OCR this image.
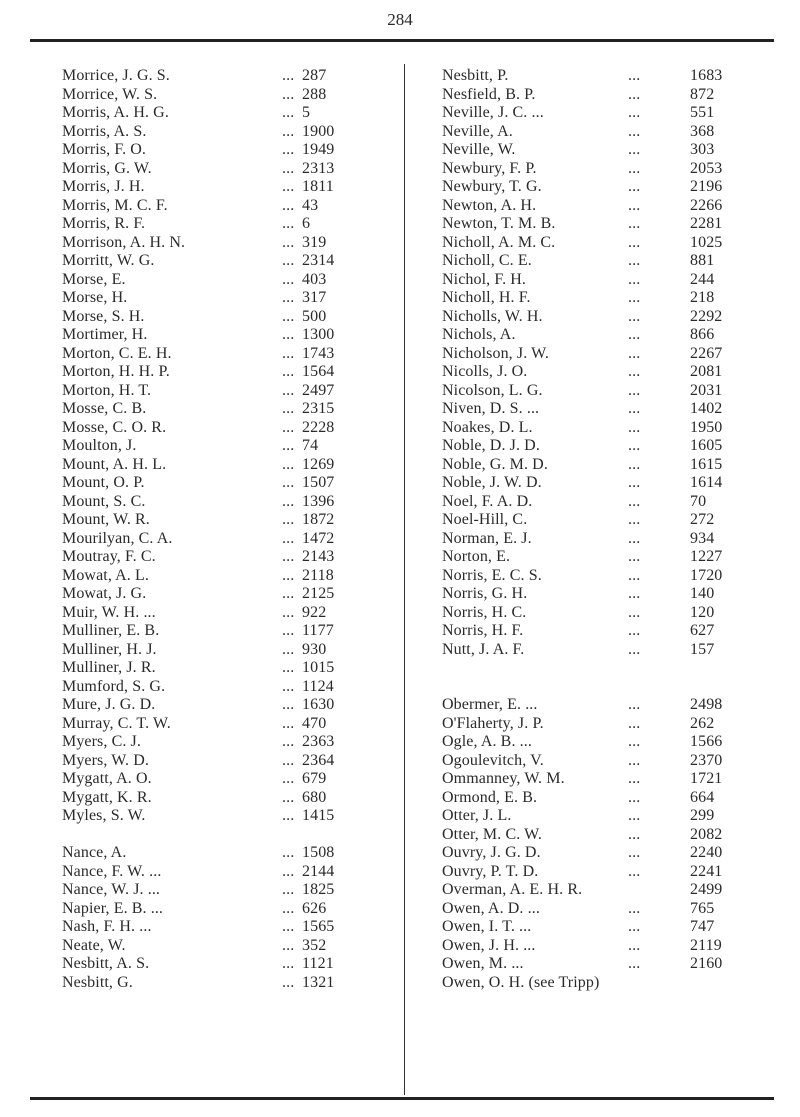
284
Morrice, J. G. S.	... 287
Morrice, W. S.	... 288
Morris, A. H. G.	... 5
Morris, A. S.	... 1900
Morris, F. O.	... 1949
Morris, G. W.	... 2313
Morris, J. H.	... 1811
Morris, M. C. F.	... 43
Morris, R. F.	... 6
Morrison, A. H. N.	... 319
Morritt, W. G.	... 2314
Morse, E.	... 403
Morse, H.	... 317
Morse, S. H.	... 500
Mortimer, H.	... 1300
Morton, C. E. H.	... 1743
Morton, H. H. P.	... 1564
Morton, H. T.	... 2497
Mosse, C. B.	... 2315
Mosse, C. O. R.	... 2228
Moulton, J.	... 74
Mount, A. H. L.	... 1269
Mount, O. P.	... 1507
Mount, S. C.	... 1396
Mount, W. R.	... 1872
Mourilyan, C. A.	... 1472
Moutray, F. C.	... 2143
Mowat, A. L.	... 2118
Mowat, J. G.	... 2125
Muir, W. H. ...	... 922
Mulliner, E. B.	... 1177
Mulliner, H. J.	... 930
Mulliner, J. R.	... 1015
Mumford, S. G.	... 1124
Mure, J. G. D.	... 1630
Murray, C. T. W.	... 470
Myers, C. J.	... 2363
Myers, W. D.	... 2364
Mygatt, A. O.	... 679
Mygatt, K. R.	... 680
Myles, S. W.	... 1415
Nance, A.	... 1508
Nance, F. W. ...	... 2144
Nance, W. J. ...	... 1825
Napier, E. B. ...	... 626
Nash, F. H. ...	... 1565
Neate, W.	... 352
Nesbitt, A. S.	... 1121
Nesbitt, G.	... 1321
Nesbitt, P.	...	1683
Nesfield, B. P.	...	872
Neville, J. C. ...	...	551
Neville, A.	...	368
Neville, W.	...	303
Newbury, F. P.	...	2053
Newbury, T. G.	...	2196
Newton, A. H.	...	2266
Newton, T. M. B.	...	2281
Nicholl, A. M. C.	...	1025
Nicholl, C. E.	...	881
Nichol, F. H.	...	244
Nicholl, H. F.	...	218
Nicholls, W. H.	...	2292
Nichols, A.	...	866
Nicholson, J. W.	...	2267
Nicolls, J. O.	...	2081
Nicolson, L. G.	...	2031
Niven, D. S. ...	...	1402
Noakes, D. L.	...	1950
Noble, D. J. D.	...	1605
Noble, G. M. D.	...	1615
Noble, J. W. D.	...	1614
Noel, F. A. D.	...	70
Noel-Hill, C.	...	272
Norman, E. J.	...	934
Norton, E.	...	1227
Norris, E. C. S.	...	1720
Norris, G. H.	...	140
Norris, H. C.	...	120
Norris, H. F.	...	627
Nutt, J. A. F.	...	157
Obermer, E. ...	...	2498
O'Flaherty, J. P.	...	262
Ogle, A. B. ...	...	1566
Ogoulevitch, V.	...	2370
Ommanney, W. M.	...	1721
Ormond, E. B.	...	664
Otter, J. L.	...	299
Otter, M. C. W.	...	2082
Ouvry, J. G. D.	...	2240
Ouvry, P. T. D.	...	2241
Overman, A. E. H. R.	2499
Owen, A. D. ...	...	765
Owen, I. T. ...	...	747
Owen, J. H. ...	...	2119
Owen, M. ...	...	2160
Owen, O. H. (see Tripp)
